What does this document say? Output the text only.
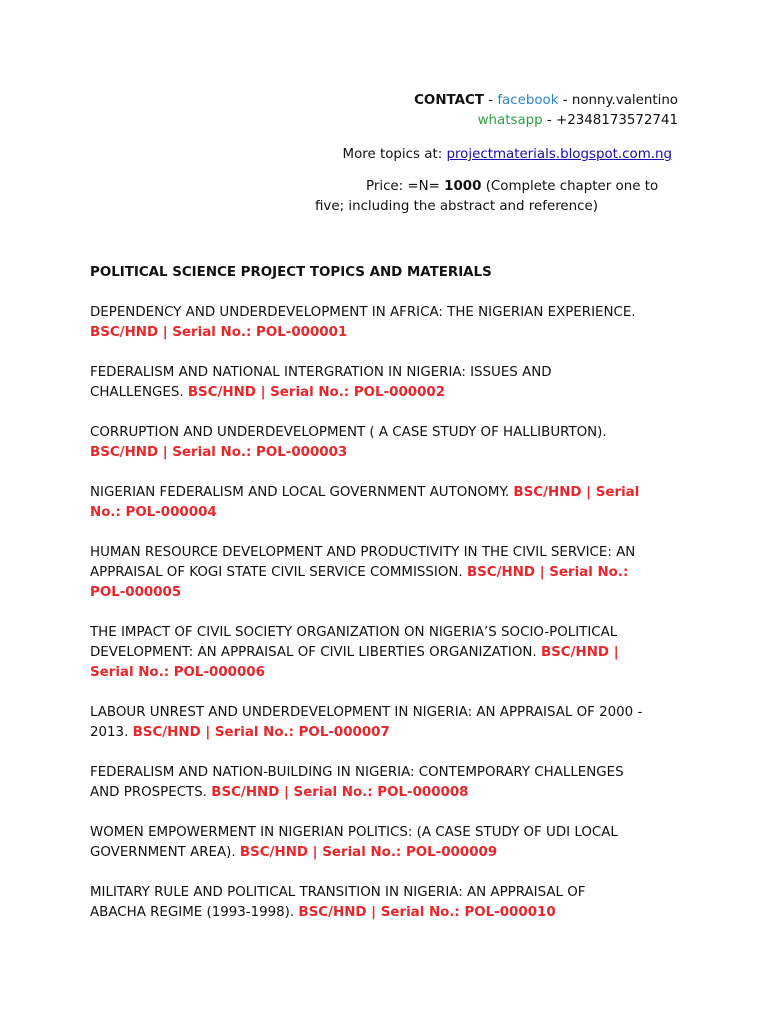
CONTACT - facebook - nonny.valentino
whatsapp - +2348173572741
More topics at: projectmaterials.blogspot.com.ng
Price: =N= 1000 (Complete chapter one to
five; including the abstract and reference)
POLITICAL SCIENCE PROJECT TOPICS AND MATERIALS
DEPENDENCY AND UNDERDEVELOPMENT IN AFRICA: THE NIGERIAN EXPERIENCE.
BSC/HND | Serial No.: POL-000001
FEDERALISM AND NATIONAL INTERGRATION IN NIGERIA: ISSUES AND
CHALLENGES. BSC/HND | Serial No.: POL-000002
CORRUPTION AND UNDERDEVELOPMENT ( A CASE STUDY OF HALLIBURTON).
BSC/HND | Serial No.: POL-000003
NIGERIAN FEDERALISM AND LOCAL GOVERNMENT AUTONOMY. BSC/HND | Serial
No.: POL-000004
HUMAN RESOURCE DEVELOPMENT AND PRODUCTIVITY IN THE CIVIL SERVICE: AN
APPRAISAL OF KOGI STATE CIVIL SERVICE COMMISSION. BSC/HND | Serial No.:
POL-000005
THE IMPACT OF CIVIL SOCIETY ORGANIZATION ON NIGERIA’S SOCIO-POLITICAL
DEVELOPMENT: AN APPRAISAL OF CIVIL LIBERTIES ORGANIZATION. BSC/HND |
Serial No.: POL-000006
LABOUR UNREST AND UNDERDEVELOPMENT IN NIGERIA: AN APPRAISAL OF 2000 -
2013. BSC/HND | Serial No.: POL-000007
FEDERALISM AND NATION-BUILDING IN NIGERIA: CONTEMPORARY CHALLENGES
AND PROSPECTS. BSC/HND | Serial No.: POL-000008
WOMEN EMPOWERMENT IN NIGERIAN POLITICS: (A CASE STUDY OF UDI LOCAL
GOVERNMENT AREA). BSC/HND | Serial No.: POL-000009
MILITARY RULE AND POLITICAL TRANSITION IN NIGERIA: AN APPRAISAL OF
ABACHA REGIME (1993-1998). BSC/HND | Serial No.: POL-000010
